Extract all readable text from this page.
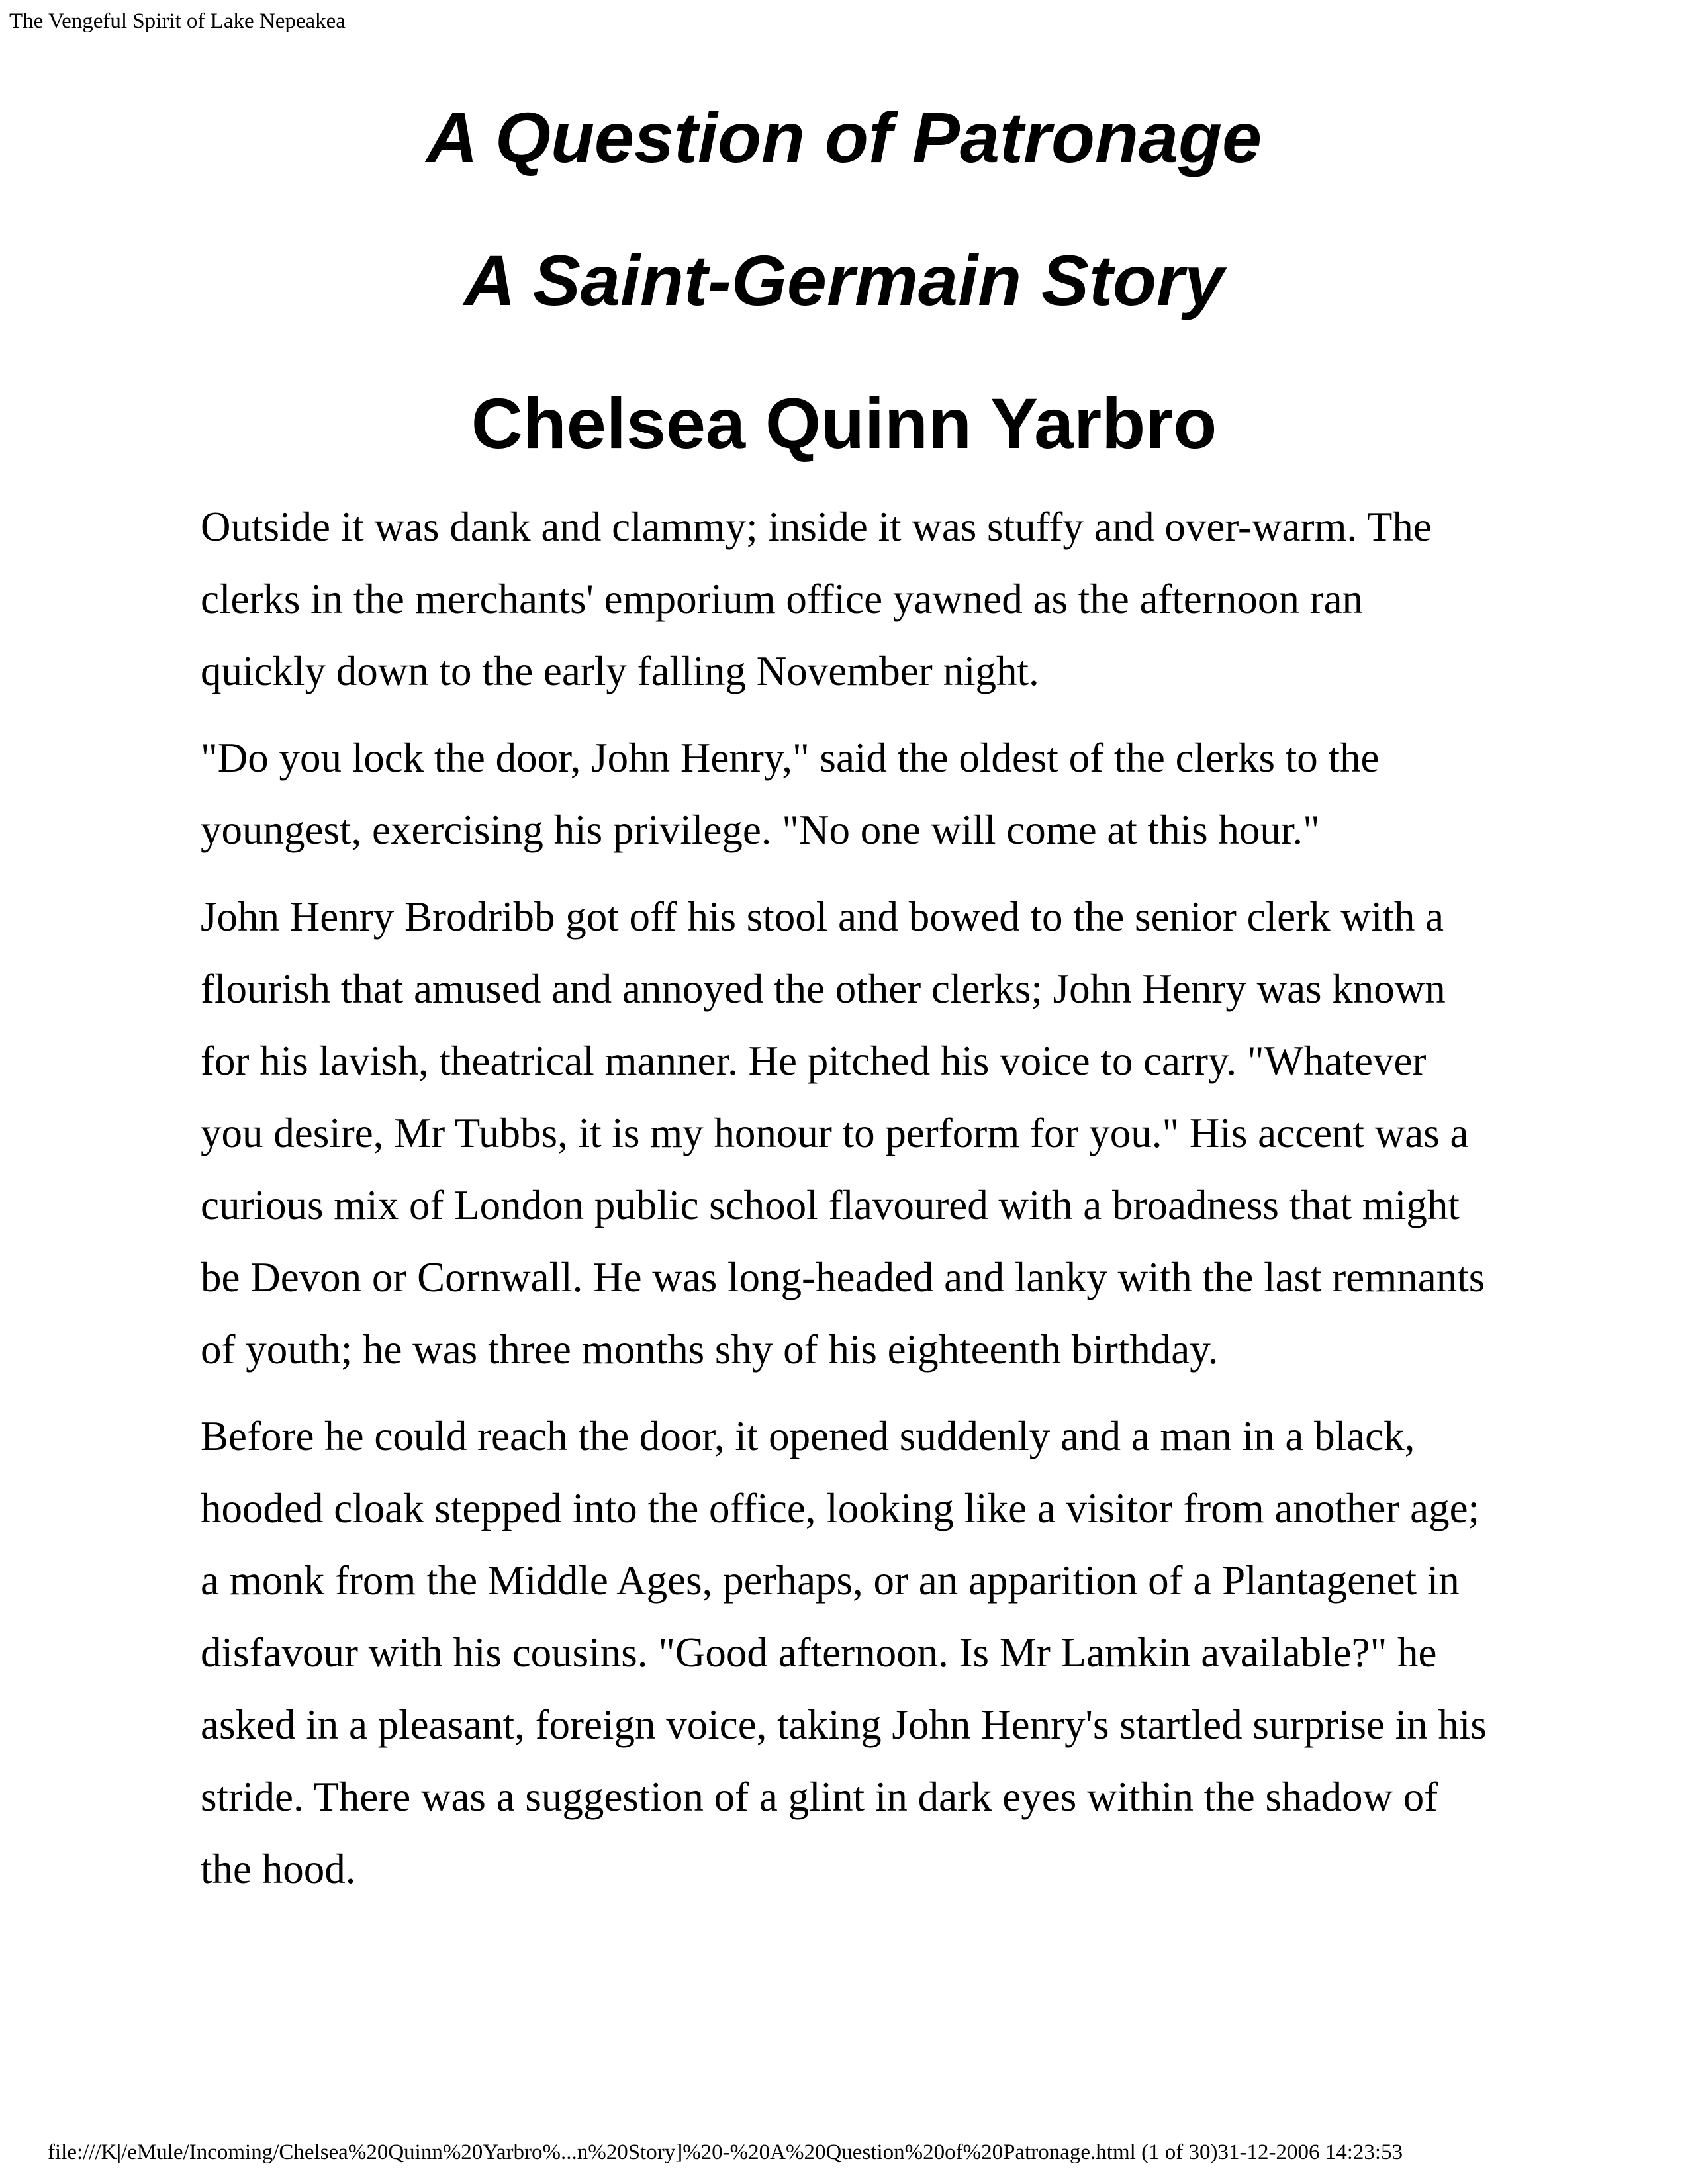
The Vengeful Spirit of Lake Nepeakea
A Question of Patronage
A Saint-Germain Story
Chelsea Quinn Yarbro

Outside it was dank and clammy; inside it was stuffy and over-warm. The clerks in the merchants' emporium office yawned as the afternoon ran quickly down to the early falling November night.

"Do you lock the door, John Henry," said the oldest of the clerks to the youngest, exercising his privilege. "No one will come at this hour."

John Henry Brodribb got off his stool and bowed to the senior clerk with a flourish that amused and annoyed the other clerks; John Henry was known for his lavish, theatrical manner. He pitched his voice to carry. "Whatever you desire, Mr Tubbs, it is my honour to perform for you." His accent was a curious mix of London public school flavoured with a broadness that might be Devon or Cornwall. He was long-headed and lanky with the last remnants of youth; he was three months shy of his eighteenth birthday.

Before he could reach the door, it opened suddenly and a man in a black, hooded cloak stepped into the office, looking like a visitor from another age; a monk from the Middle Ages, perhaps, or an apparition of a Plantagenet in disfavour with his cousins. "Good afternoon. Is Mr Lamkin available?" he asked in a pleasant, foreign voice, taking John Henry's startled surprise in his stride. There was a suggestion of a glint in dark eyes within the shadow of the hood.

file:///K|/eMule/Incoming/Chelsea%20Quinn%20Yarbro%...n%20Story]%20-%20A%20Question%20of%20Patronage.html (1 of 30)31-12-2006 14:23:53
